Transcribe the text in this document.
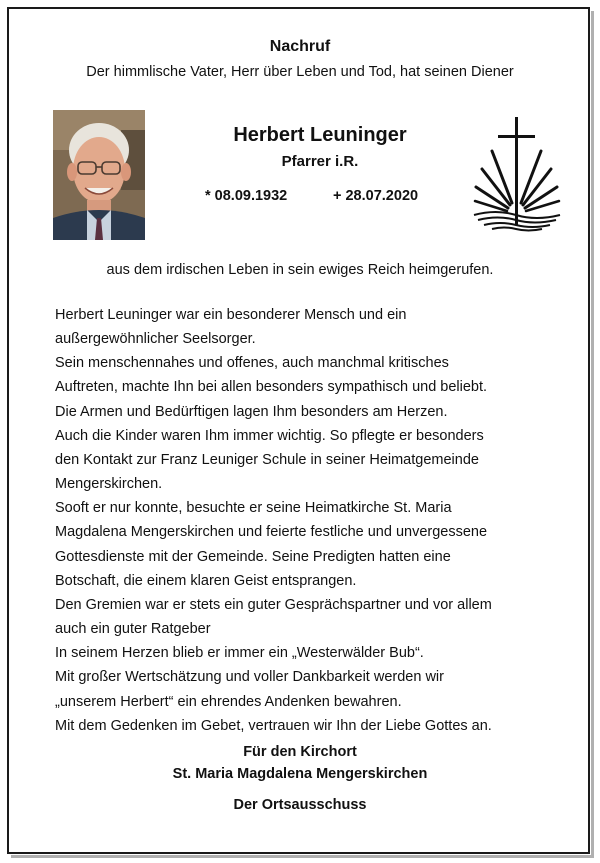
Nachruf
Der himmlische Vater, Herr über Leben und Tod, hat seinen Diener
Herbert Leuninger
Pfarrer i.R.
* 08.09.1932	+ 28.07.2020
aus dem irdischen Leben in sein ewiges Reich heimgerufen.
Herbert Leuninger war ein besonderer Mensch und ein
außergewöhnlicher Seelsorger.
Sein menschennahes und offenes, auch manchmal kritisches
Auftreten, machte Ihn bei allen besonders sympathisch und beliebt.
Die Armen und Bedürftigen lagen Ihm besonders am Herzen.
Auch die Kinder waren Ihm immer wichtig. So pflegte er besonders
den Kontakt zur Franz Leuniger Schule in seiner Heimatgemeinde
Mengerskirchen.
Sooft er nur konnte, besuchte er seine Heimatkirche St. Maria
Magdalena Mengerskirchen und feierte festliche und unvergessene
Gottesdienste mit der Gemeinde. Seine Predigten hatten eine
Botschaft, die einem klaren Geist entsprangen.
Den Gremien war er stets ein guter Gesprächspartner und vor allem
auch ein guter Ratgeber
In seinem Herzen blieb er immer ein „Westerwälder Bub“.
Mit großer Wertschätzung und voller Dankbarkeit werden wir
„unserem Herbert“ ein ehrendes Andenken bewahren.
Mit dem Gedenken im Gebet, vertrauen wir Ihn der Liebe Gottes an.
Für den Kirchort
St. Maria Magdalena Mengerskirchen
Der Ortsausschuss
